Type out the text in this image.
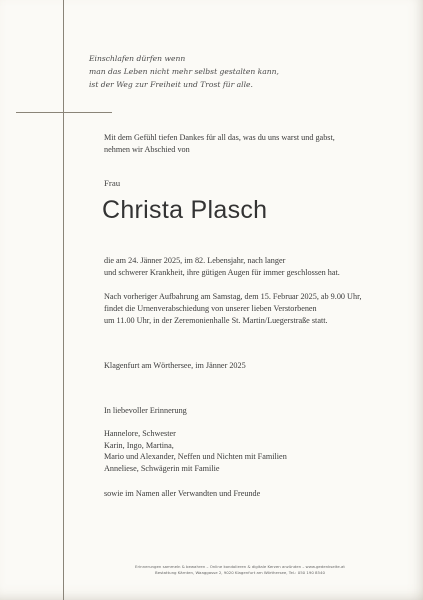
Einschlafen dürfen wenn
man das Leben nicht mehr selbst gestalten kann,
ist der Weg zur Freiheit und Trost für alle.
Mit dem Gefühl tiefen Dankes für all das, was du uns warst und gabst,
nehmen wir Abschied von
Frau
Christa Plasch
die am 24. Jänner 2025, im 82. Lebensjahr, nach langer
und schwerer Krankheit, ihre gütigen Augen für immer geschlossen hat.
Nach vorheriger Aufbahrung am Samstag, dem 15. Februar 2025, ab 9.00 Uhr,
findet die Urnenverabschiedung von unserer lieben Verstorbenen
um 11.00 Uhr, in der Zeremonienhalle St. Martin/Luegerstraße statt.
Klagenfurt am Wörthersee, im Jänner 2025
In liebevoller Erinnerung
Hannelore, Schwester
Karin, Ingo, Martina,
Mario und Alexander, Neffen und Nichten mit Familien
Anneliese, Schwägerin mit Familie
sowie im Namen aller Verwandten und Freunde
Erinnerungen sammeln & bewahren – Online kondolieren & digitale Kerzen anzünden – www.gedenkseite.at
Bestattung Kärnten, Waaggasse 2, 9020 Klagenfurt am Wörthersee, Tel.: 050 190 8540
